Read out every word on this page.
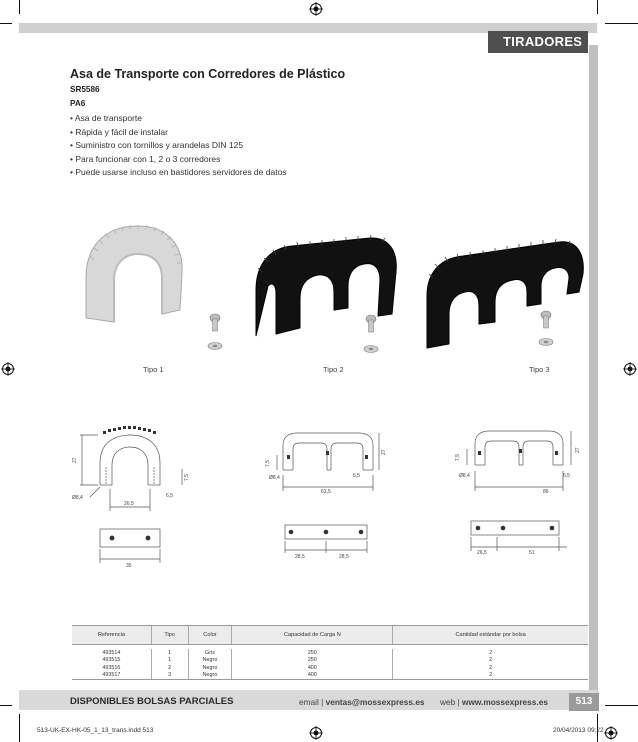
TIRADORES
Asa de Transporte con Corredores de Plástico
SR5586
PA6
• Asa de transporte
• Rápida y fácil de instalar
• Suministro con tornillos y arandelas DIN 125
• Para funcionar con 1, 2 o 3 corredores
• Puede usarse incluso en bastidores servidores de datos
Tipo 1	Tipo 2	Tipo 3
27
7,5
Ø8,4
26,5
6,5
35
27
7,5
Ø8,4
63,5
6,5
28,5	28,5
27
7,5
Ø8,4
86
6,5
26,5	51
Referencia	Tipo	Color	Capacidad de Carga N	Cantidad estándar por bolsa

493514	1	Gris	250	2
493515	1	Negro	250	2
493516	2	Negro	400	2
493517	3	Negro	400	2
DISPONIBLES BOLSAS PARCIALES	email | ventas@mossexpress.es web | www.mossexpress.es	513
513-UK-EX-HK-05_1_13_trans.indd 513	20/04/2013 09:22
